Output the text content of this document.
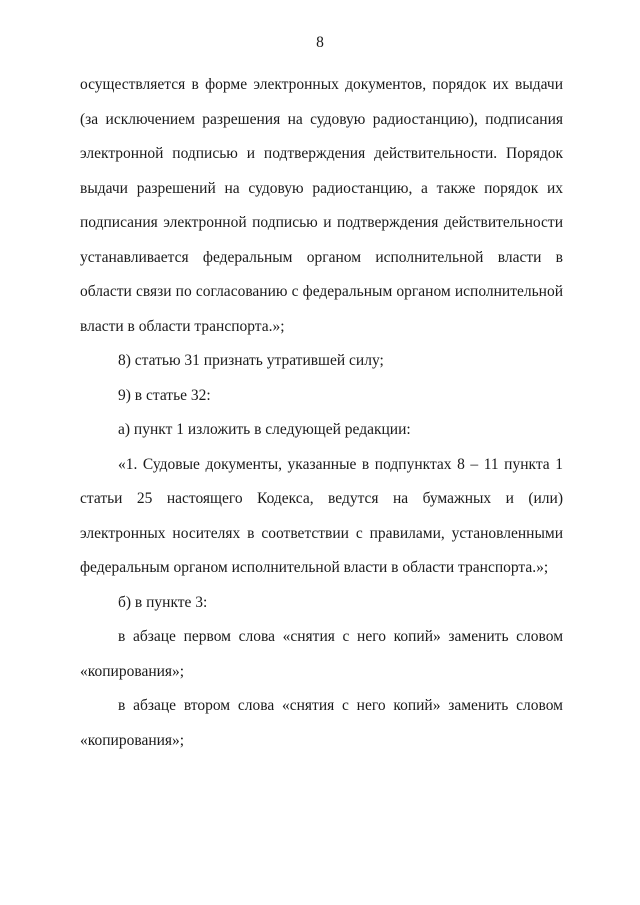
8

осуществляется в форме электронных документов, порядок их выдачи (за исключением разрешения на судовую радиостанцию), подписания электронной подписью и подтверждения действительности. Порядок выдачи разрешений на судовую радиостанцию, а также порядок их подписания электронной подписью и подтверждения действительности устанавливается федеральным органом исполнительной власти в области связи по согласованию с федеральным органом исполнительной власти в области транспорта.»;

8) статью 31 признать утратившей силу;

9) в статье 32:

а) пункт 1 изложить в следующей редакции:

«1. Судовые документы, указанные в подпунктах 8 – 11 пункта 1 статьи 25 настоящего Кодекса, ведутся на бумажных и (или) электронных носителях в соответствии с правилами, установленными федеральным органом исполнительной власти в области транспорта.»;

б) в пункте 3:

в абзаце первом слова «снятия с него копий» заменить словом «копирования»;

в абзаце втором слова «снятия с него копий» заменить словом «копирования»;
